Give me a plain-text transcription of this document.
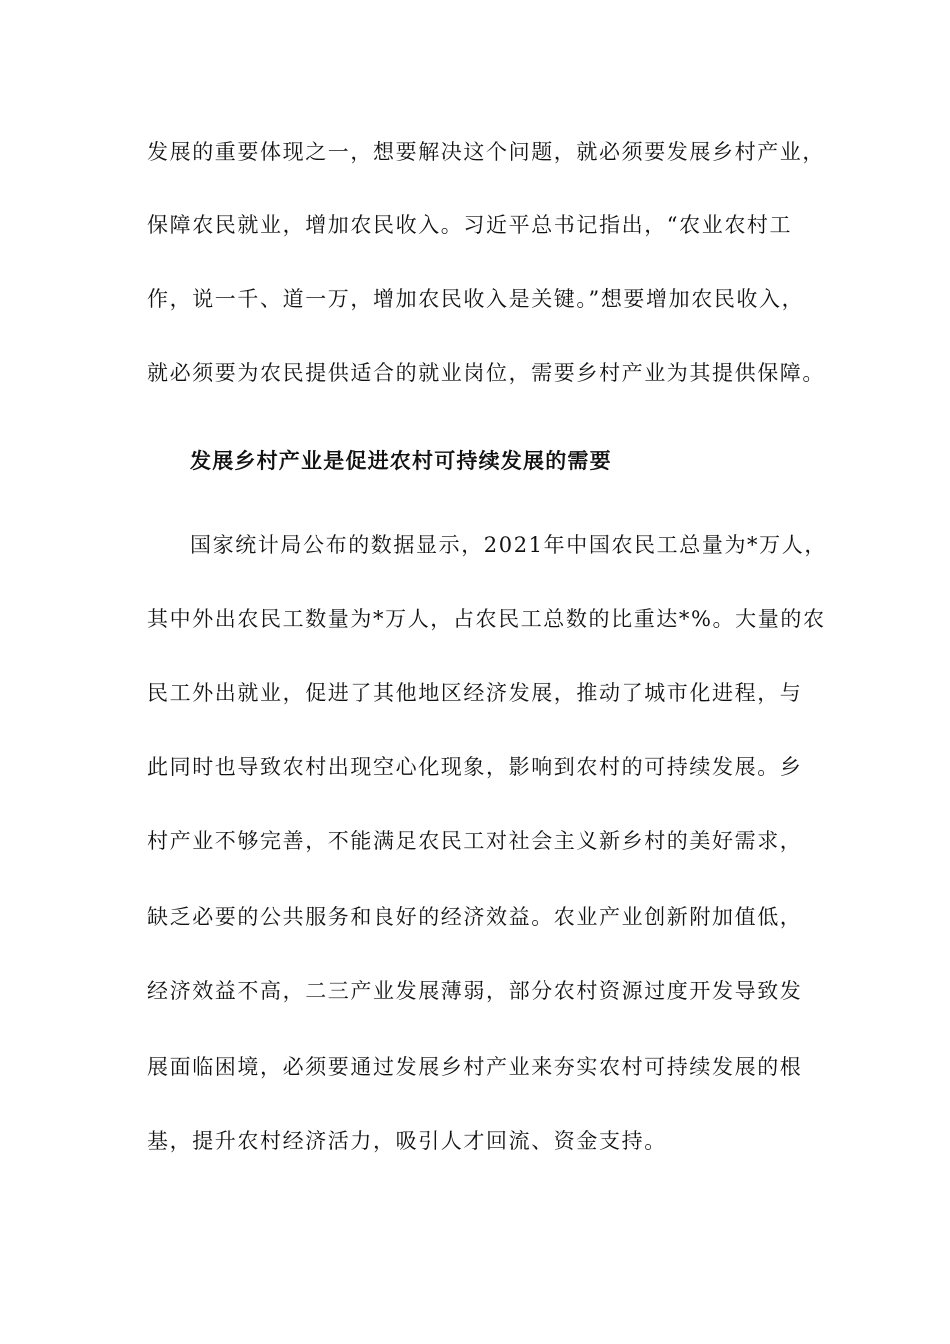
发展的重要体现之一，想要解决这个问题，就必须要发展乡村产业，
保障农民就业，增加农民收入。习近平总书记指出，“农业农村工
作，说一千、道一万，增加农民收入是关键。”想要增加农民收入，
就必须要为农民提供适合的就业岗位，需要乡村产业为其提供保障。
发展乡村产业是促进农村可持续发展的需要
国家统计局公布的数据显示，2021年中国农民工总量为*万人，
其中外出农民工数量为*万人，占农民工总数的比重达*%。大量的农
民工外出就业，促进了其他地区经济发展，推动了城市化进程，与
此同时也导致农村出现空心化现象，影响到农村的可持续发展。乡
村产业不够完善，不能满足农民工对社会主义新乡村的美好需求，
缺乏必要的公共服务和良好的经济效益。农业产业创新附加值低，
经济效益不高，二三产业发展薄弱，部分农村资源过度开发导致发
展面临困境，必须要通过发展乡村产业来夯实农村可持续发展的根
基，提升农村经济活力，吸引人才回流、资金支持。
